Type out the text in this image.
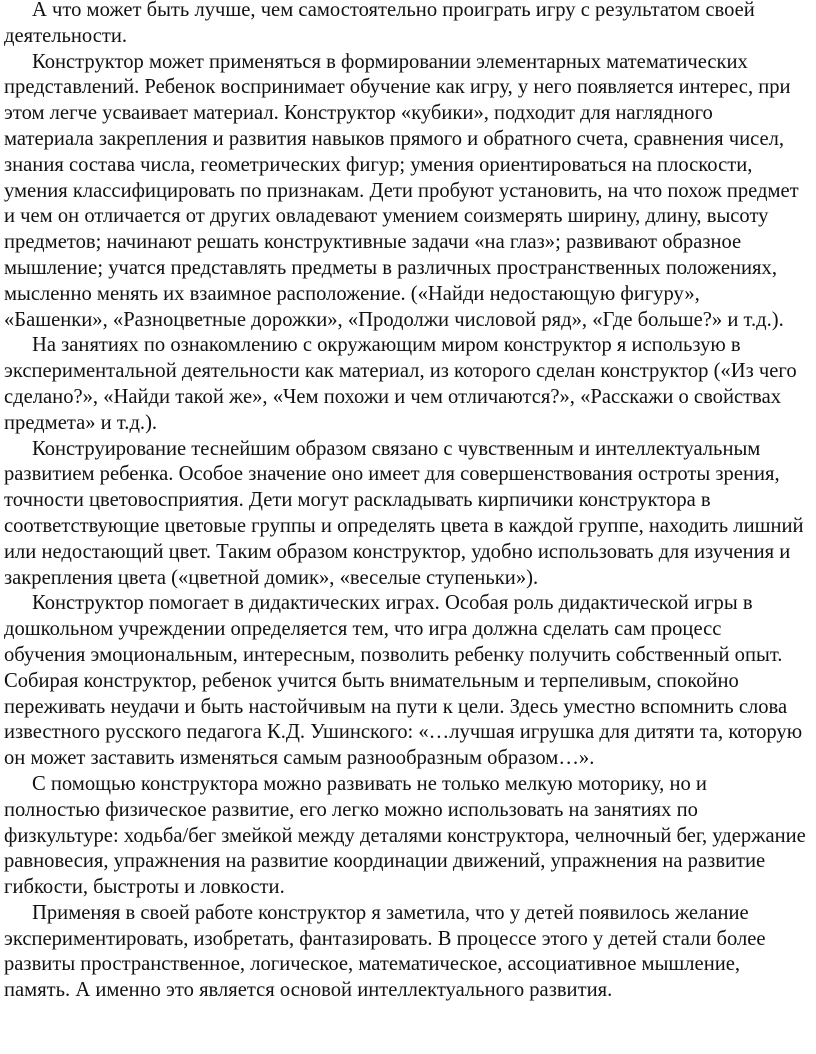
А что может быть лучше, чем самостоятельно проиграть игру с результатом своей деятельности.

Конструктор может применяться в формировании элементарных математических представлений. Ребенок воспринимает обучение как игру, у него появляется интерес, при этом легче усваивает материал. Конструктор «кубики», подходит для наглядного материала закрепления и развития навыков прямого и обратного счета, сравнения чисел, знания состава числа, геометрических фигур; умения ориентироваться на плоскости, умения классифицировать по признакам. Дети пробуют установить, на что похож предмет и чем он отличается от других овладевают умением соизмерять ширину, длину, высоту предметов; начинают решать конструктивные задачи «на глаз»; развивают образное мышление; учатся представлять предметы в различных пространственных положениях, мысленно менять их взаимное расположение. («Найди недостающую фигуру», «Башенки», «Разноцветные дорожки», «Продолжи числовой ряд», «Где больше?» и т.д.).

На занятиях по ознакомлению с окружающим миром конструктор я использую в экспериментальной деятельности как материал, из которого сделан конструктор («Из чего сделано?», «Найди такой же», «Чем похожи и чем отличаются?», «Расскажи о свойствах предмета» и т.д.).

Конструирование теснейшим образом связано с чувственным и интеллектуальным развитием ребенка. Особое значение оно имеет для совершенствования остроты зрения, точности цветовосприятия. Дети могут раскладывать кирпичики конструктора в соответствующие цветовые группы и определять цвета в каждой группе, находить лишний или недостающий цвет. Таким образом конструктор, удобно использовать для изучения и закрепления цвета («цветной домик», «веселые ступеньки»).

Конструктор помогает в дидактических играх. Особая роль дидактической игры в дошкольном учреждении определяется тем, что игра должна сделать сам процесс обучения эмоциональным, интересным, позволить ребенку получить собственный опыт. Собирая конструктор, ребенок учится быть внимательным и терпеливым, спокойно переживать неудачи и быть настойчивым на пути к цели. Здесь уместно вспомнить слова известного русского педагога К.Д. Ушинского: «…лучшая игрушка для дитяти та, которую он может заставить изменяться самым разнообразным образом…».

С помощью конструктора можно развивать не только мелкую моторику, но и полностью физическое развитие, его легко можно использовать на занятиях по физкультуре: ходьба/бег змейкой между деталями конструктора, челночный бег, удержание равновесия, упражнения на развитие координации движений, упражнения на развитие гибкости, быстроты и ловкости.

Применяя в своей работе конструктор я заметила, что у детей появилось желание экспериментировать, изобретать, фантазировать. В процессе этого у детей стали более развиты пространственное, логическое, математическое, ассоциативное мышление, память. А именно это является основой интеллектуального развития.
